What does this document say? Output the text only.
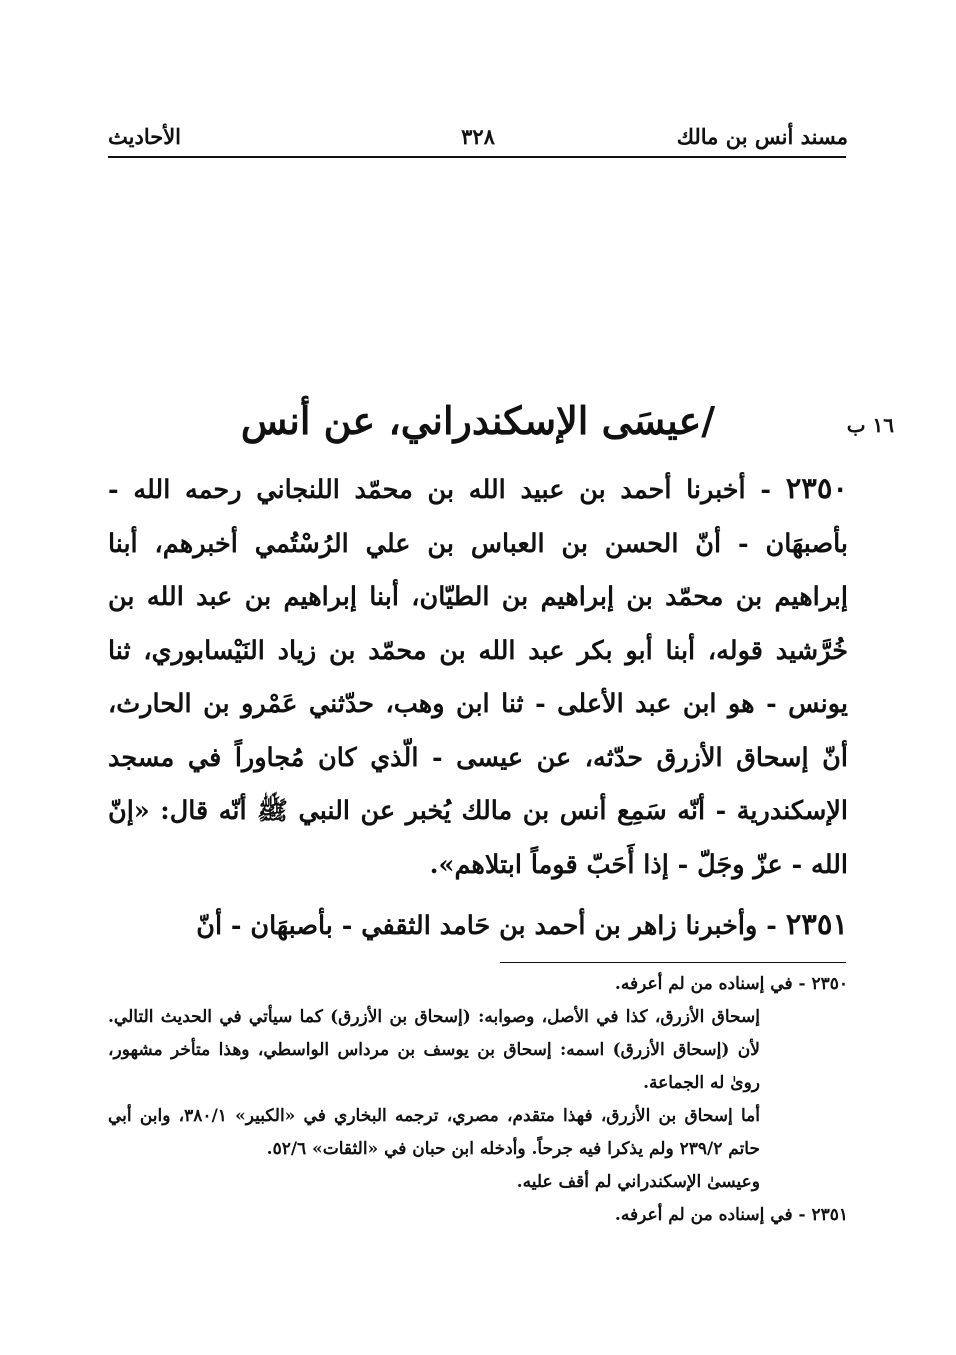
مسند أنس بن مالك
٣٢٨
الأحاديث
١٦ ب
/عيسَى الإسكندراني، عن أنس

٢٣٥٠ - أخبرنا أحمد بن عبيد الله بن محمّد اللنجاني رحمه الله - بأصبهَان - أنّ الحسن بن العباس بن علي الرُسْتُمي أخبرهم، أبنا إبراهيم بن محمّد بن إبراهيم بن الطيّان، أبنا إبراهيم بن عبد الله بن خُرَّشيد قوله، أبنا أبو بكر عبد الله بن محمّد بن زياد النَيْسابوري، ثنا يونس - هو ابن عبد الأعلى - ثنا ابن وهب، حدّثني عَمْرو بن الحارث، أنّ إسحاق الأزرق حدّثه، عن عيسى - الّذي كان مُجاوراً في مسجد الإسكندرية - أنّه سَمِع أنس بن مالك يُخبر عن النبي ﷺ أنّه قال: «إنّ الله - عزّ وجَلّ - إذا أَحَبّ قوماً ابتلاهم».

٢٣٥١ - وأخبرنا زاهر بن أحمد بن حَامد الثقفي - بأصبهَان - أنّ

٢٣٥٠ - في إسناده من لم أعرفه.

إسحاق الأزرق، كذا في الأصل، وصوابه: (إسحاق بن الأزرق) كما سيأتي في الحديث التالي. لأن (إسحاق الأزرق) اسمه: إسحاق بن يوسف بن مرداس الواسطي، وهذا متأخر مشهور، روىٰ له الجماعة.

أما إسحاق بن الأزرق، فهذا متقدم، مصري، ترجمه البخاري في «الكبير» ٣٨٠/١، وابن أبي حاتم ٢٣٩/٢ ولم يذكرا فيه جرحاً. وأدخله ابن حبان في «الثقات» ٥٢/٦.

وعيسىٰ الإسكندراني لم أقف عليه.

٢٣٥١ - في إسناده من لم أعرفه.
